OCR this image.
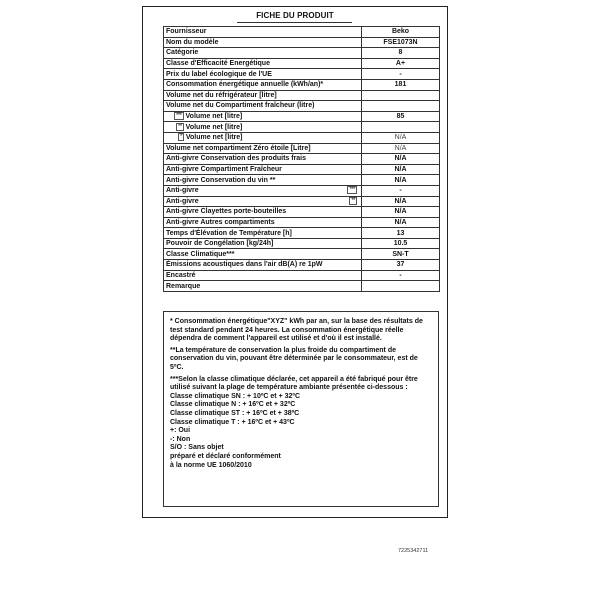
FICHE DU PRODUIT
Fournisseur	Beko
Nom du modèle	FSE1073N
Catégorie	8
Classe d'Efficacité Energétique	A+
Prix du label écologique de l'UE	-
Consommation énergétique annuelle (kWh/an)*	181
Volume net du réfrigérateur [litre]	
Volume net du Compartiment fraîcheur (litre)	
*** Volume net [litre]	85
** Volume net [litre]	
* Volume net [litre]	N/A
Volume net compartiment Zéro étoile [Litre]	N/A
Anti-givre Conservation des produits frais	N/A
Anti-givre Compartiment Fraîcheur	N/A
Anti-givre Conservation du vin **	N/A
Anti-givre ***	-
Anti-givre **	N/A
Anti-givre Clayettes porte-bouteilles	N/A
Anti-givre Autres compartiments	N/A
Temps d'Élévation de Température [h]	13
Pouvoir de Congélation [kg/24h]	10.5
Classe Climatique***	SN-T
Émissions acoustiques dans l'air dB(A) re 1pW	37
Encastré	-
Remarque	
* Consommation énergétique"XYZ" kWh par an, sur la base des résultats de test standard pendant 24 heures. La consommation énergétique réelle dépendra de comment l'appareil est utilisé et d'où il est installé.
**La température de conservation la plus froide du compartiment de conservation du vin, pouvant être déterminée par le consommateur, est de 5ºC.
***Selon la classe climatique déclarée, cet appareil a été fabriqué pour être utilisé suivant la plage de température ambiante présentée ci-dessous :
Classe climatique SN : + 10ºC et + 32ºC
Classe climatique N : + 16ºC et + 32ºC
Classe climatique ST : + 16ºC et + 38ºC
Classe climatique T : + 16ºC et + 43ºC
+: Oui
-: Non
S/O : Sans objet
préparé et déclaré conformément
à la norme UE 1060/2010
7225342711
